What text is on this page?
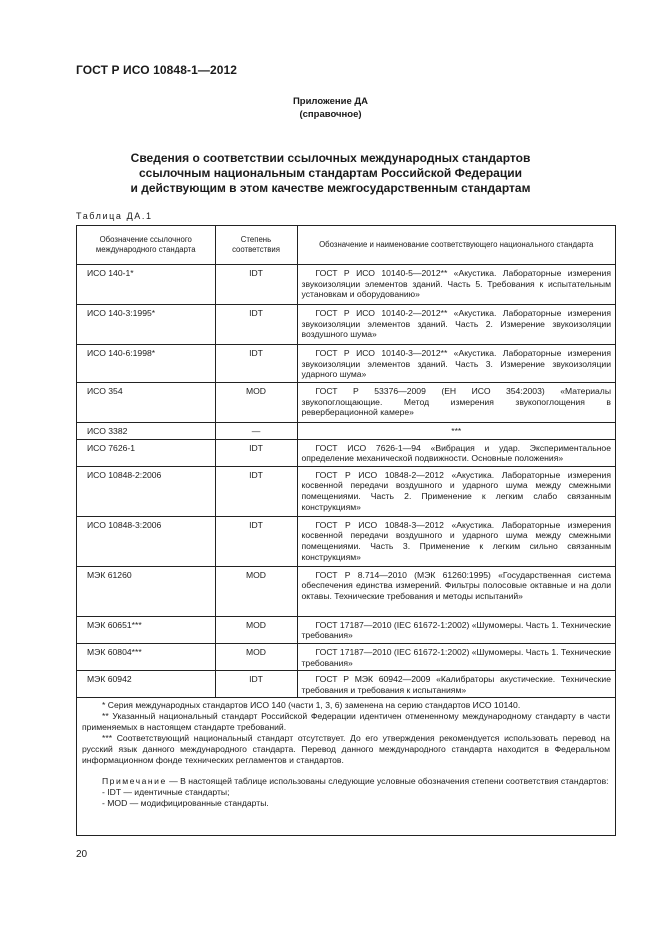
ГОСТ Р ИСО 10848-1—2012
Приложение ДА
(справочное)
Сведения о соответствии ссылочных международных стандартов
ссылочным национальным стандартам Российской Федерации
и действующим в этом качестве межгосударственным стандартам
Таблица ДА.1
Обозначение ссылочного международного стандарта	Степень соответствия	Обозначение и наименование соответствующего национального стандарта
ИСО 140-1*	IDT	ГОСТ Р ИСО 10140-5—2012** «Акустика. Лабораторные измерения звукоизоляции элементов зданий. Часть 5. Требования к испытательным установкам и оборудованию»
ИСО 140-3:1995*	IDT	ГОСТ Р ИСО 10140-2—2012** «Акустика. Лабораторные измерения звукоизоляции элементов зданий. Часть 2. Измерение звукоизоляции воздушного шума»
ИСО 140-6:1998*	IDT	ГОСТ Р ИСО 10140-3—2012** «Акустика. Лабораторные измерения звукоизоляции элементов зданий. Часть 3. Измерение звукоизоляции ударного шума»
ИСО 354	MOD	ГОСТ Р 53376—2009 (ЕН ИСО 354:2003) «Материалы звукопоглощающие. Метод измерения звукопоглощения в реверберационной камере»
ИСО 3382	—	***
ИСО 7626-1	IDT	ГОСТ ИСО 7626-1—94 «Вибрация и удар. Экспериментальное определение механической подвижности. Основные положения»
ИСО 10848-2:2006	IDT	ГОСТ Р ИСО 10848-2—2012 «Акустика. Лабораторные измерения косвенной передачи воздушного и ударного шума между смежными помещениями. Часть 2. Применение к легким слабо связанным конструкциям»
ИСО 10848-3:2006	IDT	ГОСТ Р ИСО 10848-3—2012 «Акустика. Лабораторные измерения косвенной передачи воздушного и ударного шума между смежными помещениями. Часть 3. Применение к легким сильно связанным конструкциям»
МЭК 61260	MOD	ГОСТ Р 8.714—2010 (МЭК 61260:1995) «Государственная система обеспечения единства измерений. Фильтры полосовые октавные и на доли октавы. Технические требования и методы испытаний»
МЭК 60651***	MOD	ГОСТ 17187—2010 (IEC 61672-1:2002) «Шумомеры. Часть 1. Технические требования»
МЭК 60804***	MOD	ГОСТ 17187—2010 (IEC 61672-1:2002) «Шумомеры. Часть 1. Технические требования»
МЭК 60942	IDT	ГОСТ Р МЭК 60942—2009 «Калибраторы акустические. Технические требования и требования к испытаниям»
* Серия международных стандартов ИСО 140 (части 1, 3, 6) заменена на серию стандартов ИСО 10140.
** Указанный национальный стандарт Российской Федерации идентичен отмененному международному стандарту в части применяемых в настоящем стандарте требований.
*** Соответствующий национальный стандарт отсутствует. До его утверждения рекомендуется использовать перевод на русский язык данного международного стандарта. Перевод данного международного стандарта находится в Федеральном информационном фонде технических регламентов и стандартов.
Примечание — В настоящей таблице использованы следующие условные обозначения степени соответствия стандартов:
- IDT — идентичные стандарты;
- MOD — модифицированные стандарты.
20
